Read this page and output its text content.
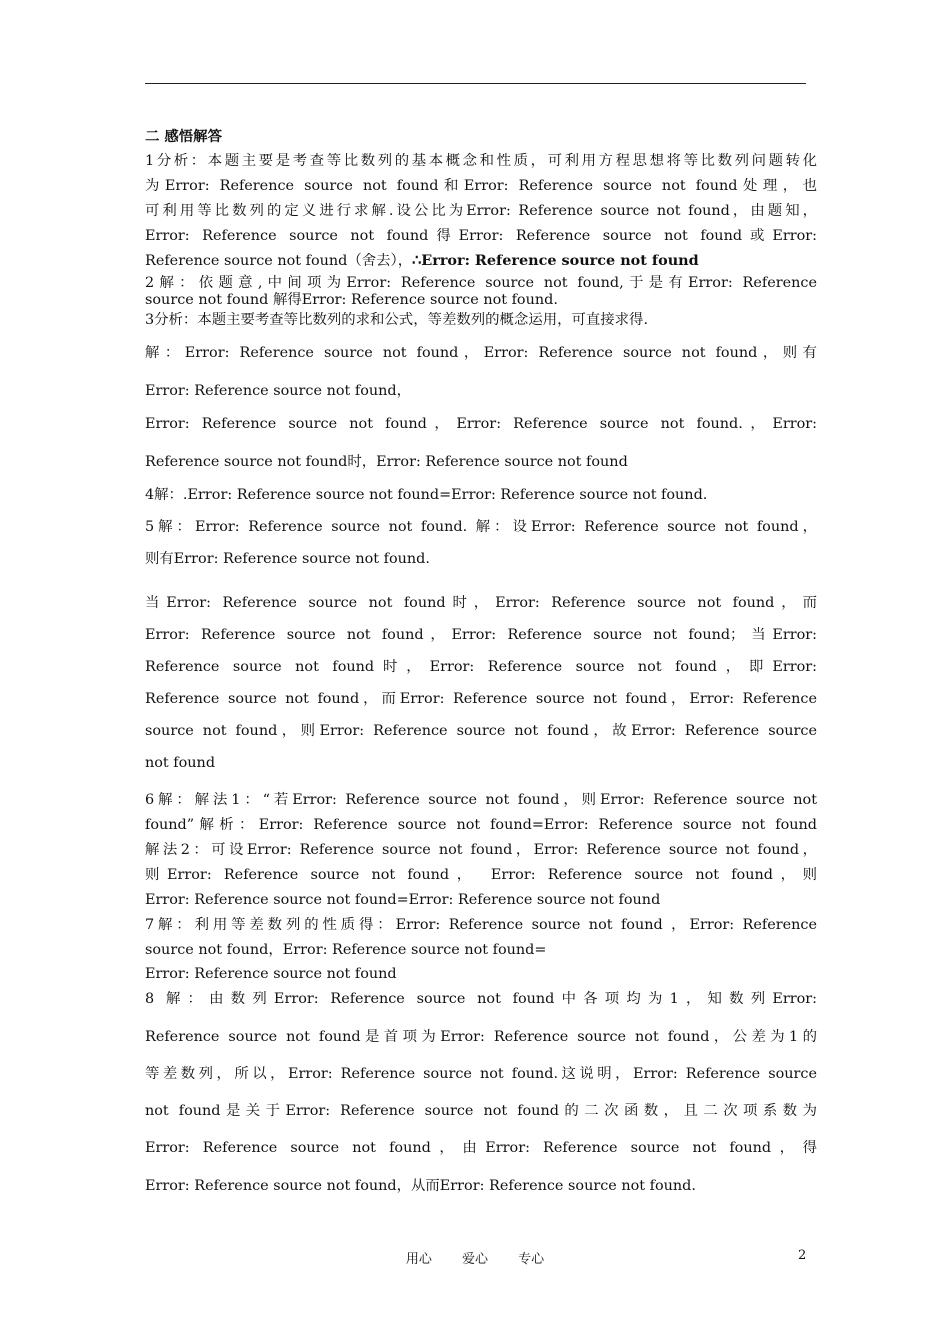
二 感悟解答
1分析：本题主要是考查等比数列的基本概念和性质，可利用方程思想将等比数列问题转化
为Error: Reference source not found和Error: Reference source not found处理，也
可利用等比数列的定义进行求解.设公比为Error: Reference source not found，由题知，
Error: Reference source not found得Error: Reference source not found或Error:
Reference source not found（舍去），∴Error: Reference source not found
2解：依题意,中间项为Error: Reference source not found,于是有Error: Reference
source not found 解得Error: Reference source not found.
3分析：本题主要考查等比数列的求和公式，等差数列的概念运用，可直接求得.
解：Error: Reference source not found，Error: Reference source not found，则有
Error: Reference source not found，
Error: Reference source not found，Error: Reference source not found.，Error:
Reference source not found时，Error: Reference source not found
4解：.Error: Reference source not found=Error: Reference source not found.
5解：Error: Reference source not found. 解：设Error: Reference source not found，
则有Error: Reference source not found.
当Error: Reference source not found时，Error: Reference source not found，而
Error: Reference source not found，Error: Reference source not found；当Error:
Reference source not found时，Error: Reference source not found，即Error:
Reference source not found，而Error: Reference source not found，Error: Reference
source not found，则Error: Reference source not found，故Error: Reference source
not found
6解：解法1：“若Error: Reference source not found，则Error: Reference source not
found”解析：Error: Reference source not found=Error: Reference source not found
解法2：可设Error: Reference source not found，Error: Reference source not found，
则Error: Reference source not found， Error: Reference source not found，则
Error: Reference source not found=Error: Reference source not found
7解：利用等差数列的性质得：Error: Reference source not found ，Error: Reference
source not found，Error: Reference source not found=
Error: Reference source not found
8 解：由数列Error: Reference source not found中各项均为1，知数列Error:
Reference source not found是首项为Error: Reference source not found，公差为1的
等差数列，所以，Error: Reference source not found.这说明，Error: Reference source
not found是关于Error: Reference source not found的二次函数，且二次项系数为
Error: Reference source not found，由Error: Reference source not found，得
Error: Reference source not found，从而Error: Reference source not found.
用心 爱心 专心	2
